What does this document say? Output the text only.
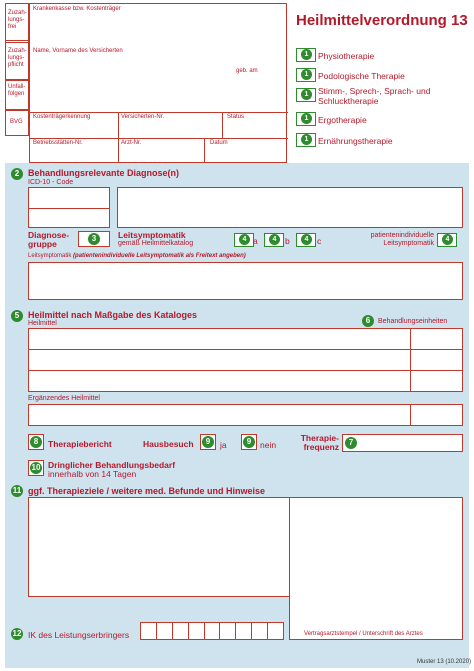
Zuzah-lungs-frei
Zuzah-lungs-pflicht
Unfall-folgen
BVG
Krankenkasse bzw. Kostenträger
Name, Vorname des Versicherten
geb. am
Kostenträgerkennung	Versicherten-Nr.	Status
Betriebsstätten-Nr.	Arzt-Nr.	Datum
Heilmittelverordnung 13
1	Physiotherapie
1	Podologische Therapie
1	Stimm-, Sprech-, Sprach- und Schlucktherapie
1	Ergotherapie
1	Ernährungstherapie
2 Behandlungsrelevante Diagnose(n)
ICD-10 - Code
Diagnose-gruppe
3	Leitsymptomatik
gemäß Heilmittelkatalog
4 a	4	b	4	c
patientenindividuelle Leitsymptomatik
4
Leitsymptomatik (patientenindividuelle Leitsymptomatik als Freitext angeben)
5 Heilmittel nach Maßgabe des Kataloges
Heilmittel	6	Behandlungseinheiten
Ergänzendes Heilmittel
8	Therapiebericht	Hausbesuch	9	ja	9	nein
Therapie-frequenz	7
10 Dringlicher Behandlungsbedarf
innerhalb von 14 Tagen
11 ggf. Therapieziele / weitere med. Befunde und Hinweise
Vertragsarztstempel / Unterschrift des Arztes
12 IK des Leistungserbringers
Muster 13 (10.2020)
